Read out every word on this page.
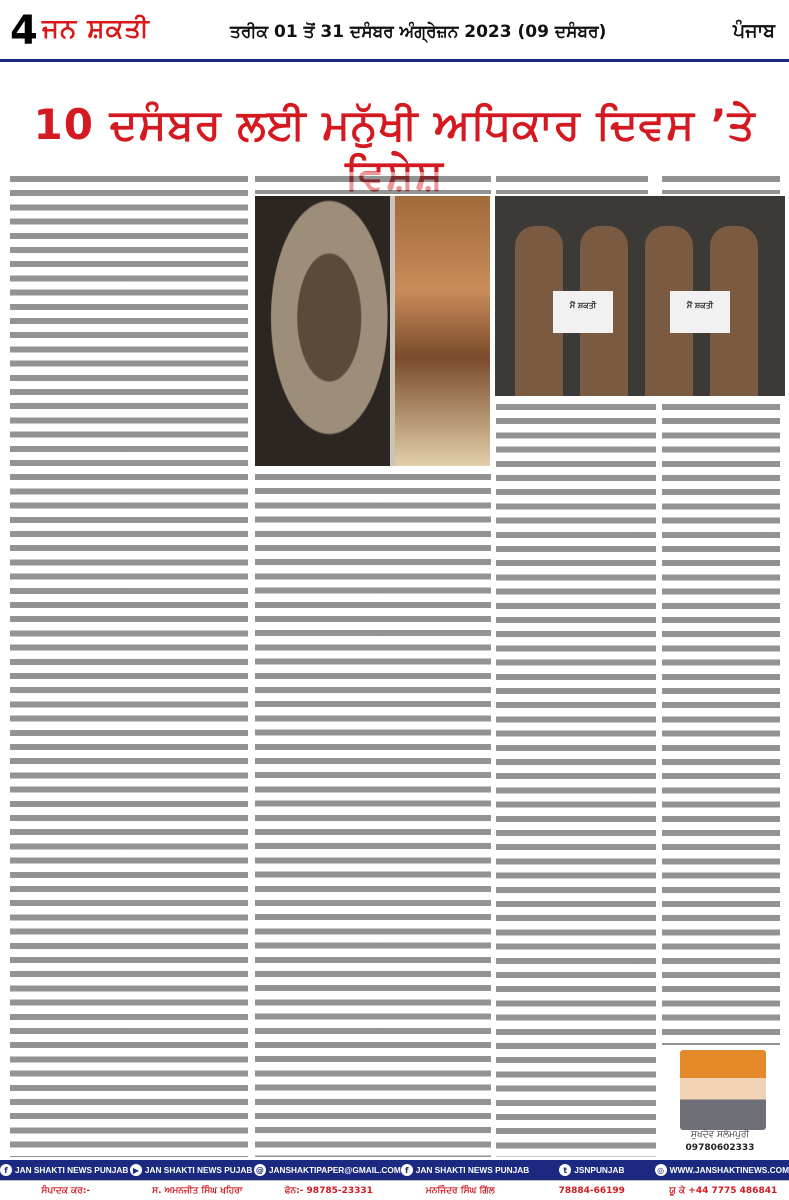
4 ਜਨ ਸ਼ਕਤੀ	ਤਰੀਕ 01 ਤੋਂ 31 ਦਸੰਬਰ ਅੰਗ੍ਰੇਜ਼ਨ 2023 (09 ਦਸੰਬਰ)	ਪੰਜਾਬ
10 ਦਸੰਬਰ ਲਈ ਮਨੁੱਖੀ ਅਧਿਕਾਰ ਦਿਵਸ ’ਤੇ
ਮੈਂ ਸ਼ਕਤੀ	ਮੈਂ ਸ਼ਕਤੀ
ਸੁਖਦੇਵ ਸਲੇਮਪੁਰੀ
09780602333
f JAN SHAKTI NEWS PUNJAB ▶ JAN SHAKTI NEWS PUJAB @ JANSHAKTIPAPER@GMAIL.COM f JAN SHAKTI NEWS PUNJAB	t JSNPUNJAB	◎ WWW.JANSHAKTINEWS.COM
ਸੰਪਾਦਕ ਕਰ:-	ਸ. ਅਮਨਜੀਤ ਸਿੰਘ ਖਹਿਰਾ	ਫੋਨ:- 98785-23331	ਮਨਜਿੰਦਰ ਸਿੰਘ ਗਿੱਲ	78884-66199	ਯੂ ਕੇ +44 7775 486841
